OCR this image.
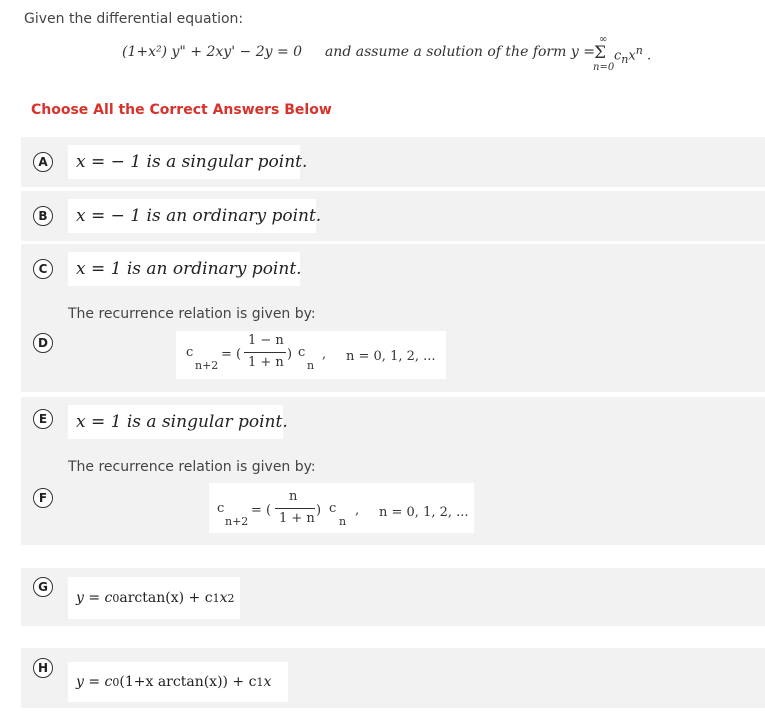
Given the differential equation:
(1+x²) y" + 2xy' − 2y = 0 and assume a solution of the form y =
∞
Σ
n=0
$c_nx^n$ .
Choose All the Correct Answers Below
A	x = − 1 is a singular point.
B	x = − 1 is an ordinary point.
C	x = 1 is an ordinary point.
The recurrence relation is given by:
D
c
n+2
= (
1 − n
1 + n
) c
n
, n = 0, 1, 2, ...
E	x = 1 is a singular point.
The recurrence relation is given by:
F
c
n+2
= (
n
1 + n
) c
n
, n = 0, 1, 2, ...
G
y = c 0 arctan(x) + c 1 x 2
H
y = c 0 (1+x arctan(x)) + c 1 x
